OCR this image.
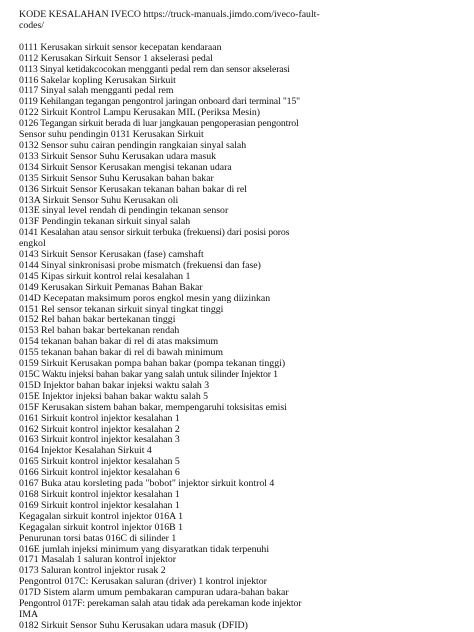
KODE KESALAHAN IVECO https://truck-manuals.jimdo.com/iveco-fault-

codes/

0111 Kerusakan sirkuit sensor kecepatan kendaraan

0112 Kerusakan Sirkuit Sensor 1 akselerasi pedal

0113 Sinyal ketidakcocokan mengganti pedal rem dan sensor akselerasi

0116 Sakelar kopling Kerusakan Sirkuit

0117 Sinyal salah mengganti pedal rem

0119 Kehilangan tegangan pengontrol jaringan onboard dari terminal "15"

0122 Sirkuit Kontrol Lampu Kerusakan MIL (Periksa Mesin)

0126 Tegangan sirkuit berada di luar jangkauan pengoperasian pengontrol

Sensor suhu pendingin 0131 Kerusakan Sirkuit

0132 Sensor suhu cairan pendingin rangkaian sinyal salah

0133 Sirkuit Sensor Suhu Kerusakan udara masuk

0134 Sirkuit Sensor Kerusakan mengisi tekanan udara

0135 Sirkuit Sensor Suhu Kerusakan bahan bakar

0136 Sirkuit Sensor Kerusakan tekanan bahan bakar di rel

013A Sirkuit Sensor Suhu Kerusakan oli

013E sinyal level rendah di pendingin tekanan sensor

013F Pendingin tekanan sirkuit sinyal salah

0141 Kesalahan atau sensor sirkuit terbuka (frekuensi) dari posisi poros

engkol

0143 Sirkuit Sensor Kerusakan (fase) camshaft

0144 Sinyal sinkronisasi probe mismatch (frekuensi dan fase)

0145 Kipas sirkuit kontrol relai kesalahan 1

0149 Kerusakan Sirkuit Pemanas Bahan Bakar

014D Kecepatan maksimum poros engkol mesin yang diizinkan

0151 Rel sensor tekanan sirkuit sinyal tingkat tinggi

0152 Rel bahan bakar bertekanan tinggi

0153 Rel bahan bakar bertekanan rendah

0154 tekanan bahan bakar di rel di atas maksimum

0155 tekanan bahan bakar di rel di bawah minimum

0159 Sirkuit Kerusakan pompa bahan bakar (pompa tekanan tinggi)

015C Waktu injeksi bahan bakar yang salah untuk silinder Injektor 1

015D Injektor bahan bakar injeksi waktu salah 3

015E Injektor injeksi bahan bakar waktu salah 5

015F Kerusakan sistem bahan bakar, mempengaruhi toksisitas emisi

0161 Sirkuit kontrol injektor kesalahan 1

0162 Sirkuit kontrol injektor kesalahan 2

0163 Sirkuit kontrol injektor kesalahan 3

0164 Injektor Kesalahan Sirkuit 4

0165 Sirkuit kontrol injektor kesalahan 5

0166 Sirkuit kontrol injektor kesalahan 6

0167 Buka atau korsleting pada "bobot" injektor sirkuit kontrol 4

0168 Sirkuit kontrol injektor kesalahan 1

0169 Sirkuit kontrol injektor kesalahan 1

Kegagalan sirkuit kontrol injektor 016A 1

Kegagalan sirkuit kontrol injektor 016B 1

Penurunan torsi batas 016C di silinder 1

016E jumlah injeksi minimum yang disyaratkan tidak terpenuhi

0171 Masalah 1 saluran kontrol injektor

0173 Saluran kontrol injektor rusak 2

Pengontrol 017C: Kerusakan saluran (driver) 1 kontrol injektor

017D Sistem alarm umum pembakaran campuran udara-bahan bakar

Pengontrol 017F: perekaman salah atau tidak ada perekaman kode injektor

IMA

0182 Sirkuit Sensor Suhu Kerusakan udara masuk (DFID)
